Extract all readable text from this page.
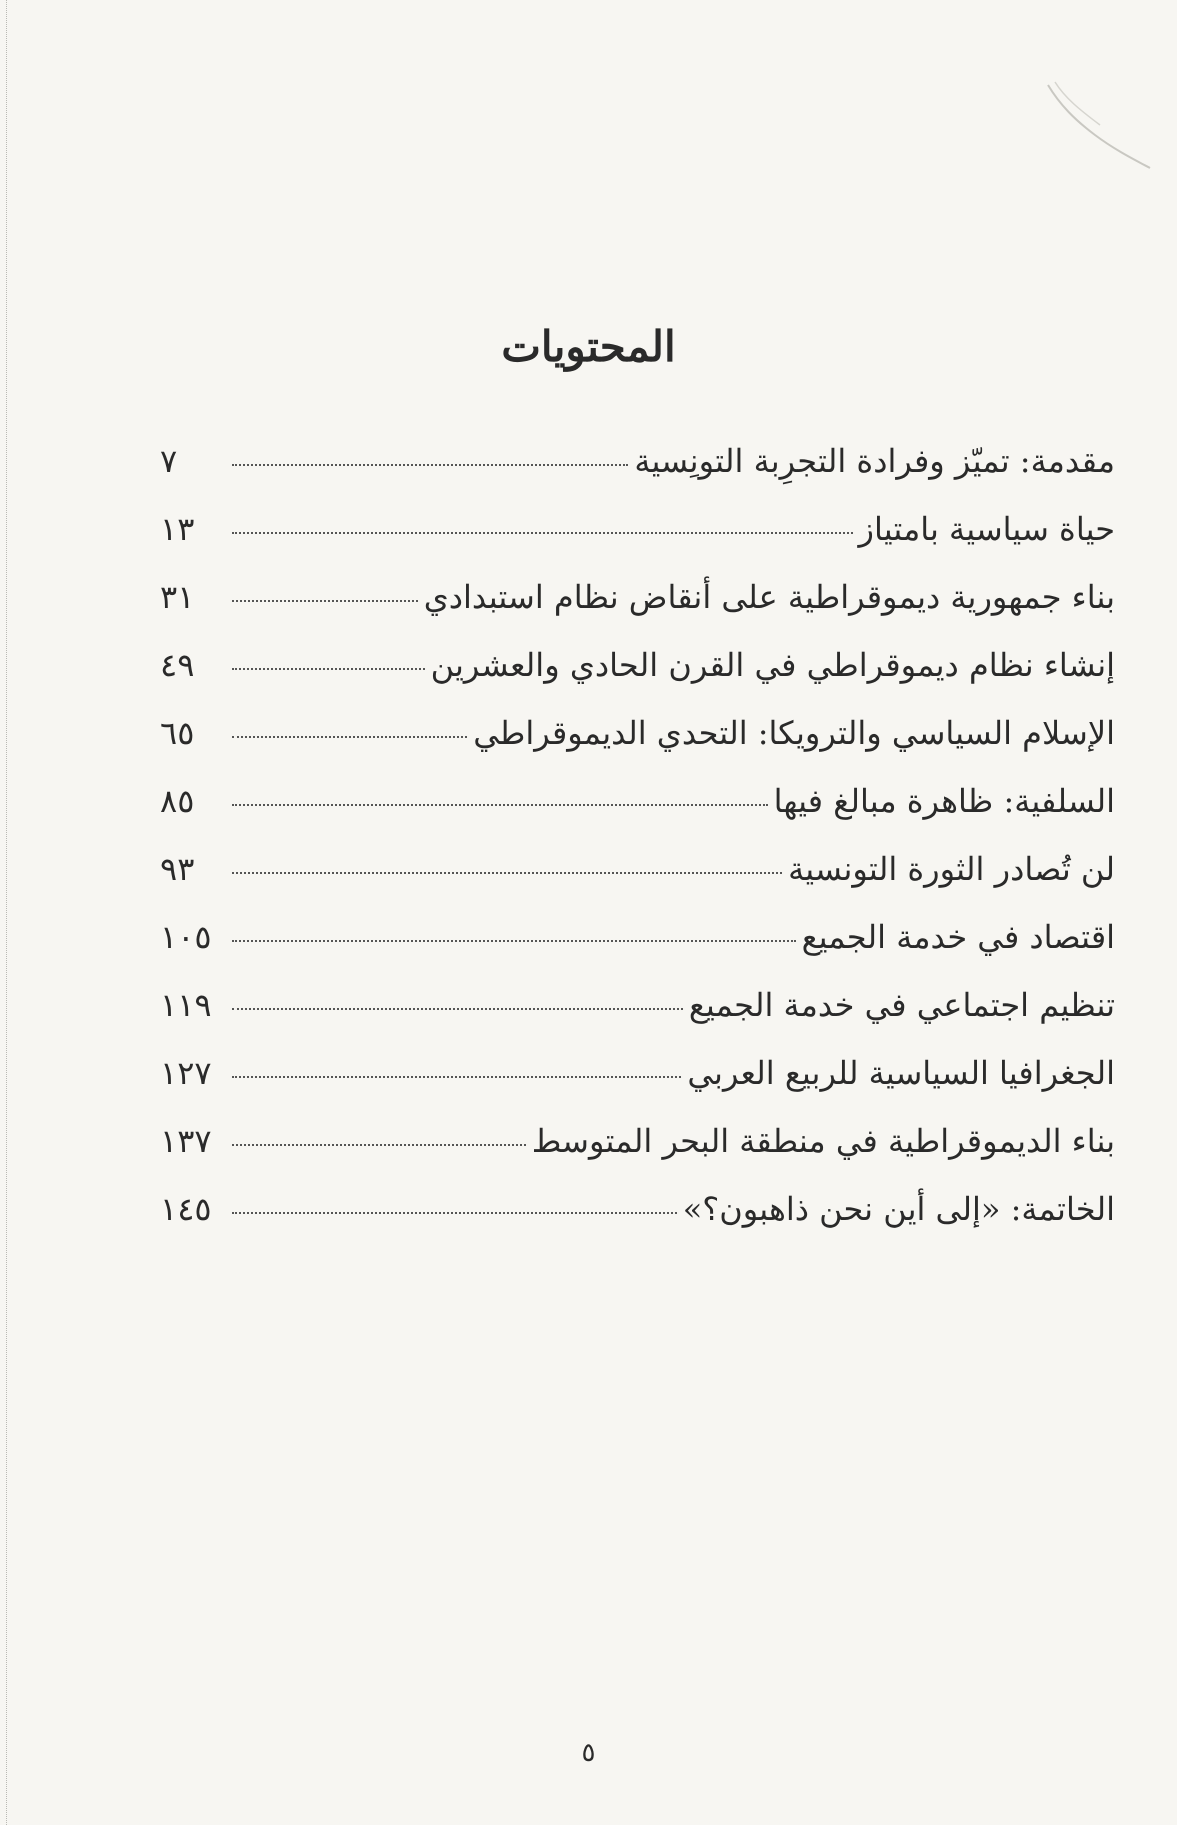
المحتويات
مقدمة: تميّز وفرادة التجرِبة التونِسية
٧
حياة سياسية بامتياز
١٣
بناء جمهورية ديموقراطية على أنقاض نظام استبدادي
٣١
إنشاء نظام ديموقراطي في القرن الحادي والعشرين
٤٩
الإسلام السياسي والترويكا: التحدي الديموقراطي
٦٥
السلفية: ظاهرة مبالغ فيها
٨٥
لن تُصادر الثورة التونسية
٩٣
اقتصاد في خدمة الجميع
١٠٥
تنظيم اجتماعي في خدمة الجميع
١١٩
الجغرافيا السياسية للربيع العربي
١٢٧
بناء الديموقراطية في منطقة البحر المتوسط
١٣٧
الخاتمة: «إلى أين نحن ذاهبون؟»
١٤٥
٥
